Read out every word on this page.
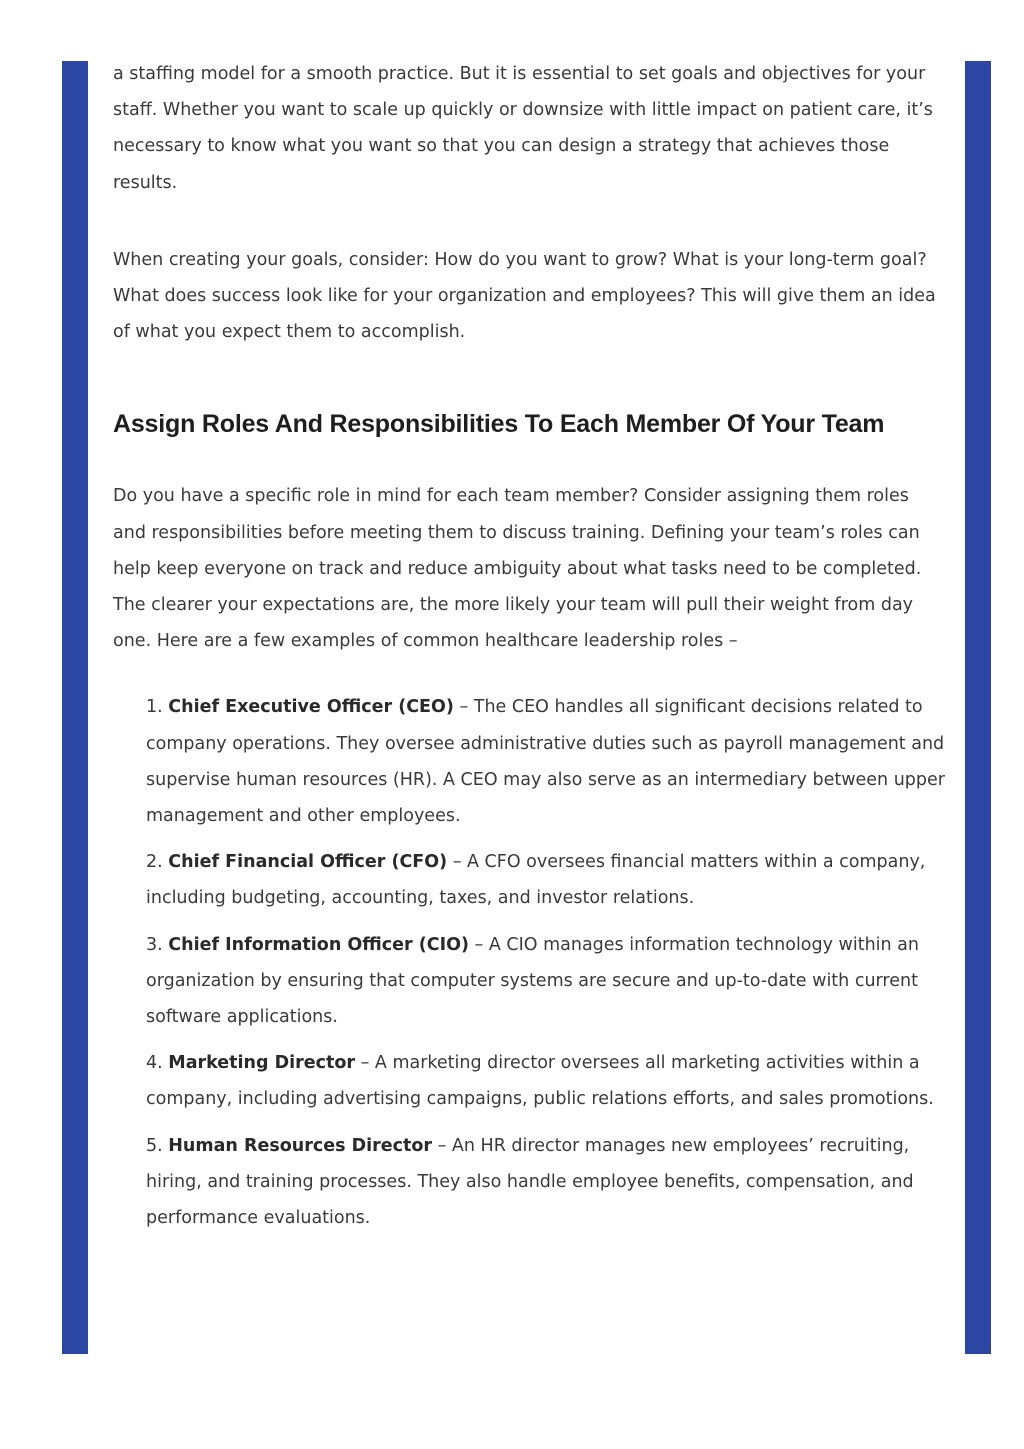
a staffing model for a smooth practice. But it is essential to set goals and objectives for your staff. Whether you want to scale up quickly or downsize with little impact on patient care, it’s necessary to know what you want so that you can design a strategy that achieves those results.

When creating your goals, consider: How do you want to grow? What is your long-term goal? What does success look like for your organization and employees? This will give them an idea of what you expect them to accomplish.

Assign Roles And Responsibilities To Each Member Of Your Team

Do you have a specific role in mind for each team member? Consider assigning them roles and responsibilities before meeting them to discuss training. Defining your team’s roles can help keep everyone on track and reduce ambiguity about what tasks need to be completed. The clearer your expectations are, the more likely your team will pull their weight from day one. Here are a few examples of common healthcare leadership roles –

1. Chief Executive Officer (CEO) – The CEO handles all significant decisions related to company operations. They oversee administrative duties such as payroll management and supervise human resources (HR). A CEO may also serve as an intermediary between upper management and other employees.
2. Chief Financial Officer (CFO) – A CFO oversees financial matters within a company, including budgeting, accounting, taxes, and investor relations.
3. Chief Information Officer (CIO) – A CIO manages information technology within an organization by ensuring that computer systems are secure and up-to-date with current software applications.
4. Marketing Director – A marketing director oversees all marketing activities within a company, including advertising campaigns, public relations efforts, and sales promotions.
5. Human Resources Director – An HR director manages new employees’ recruiting, hiring, and training processes. They also handle employee benefits, compensation, and performance evaluations.
